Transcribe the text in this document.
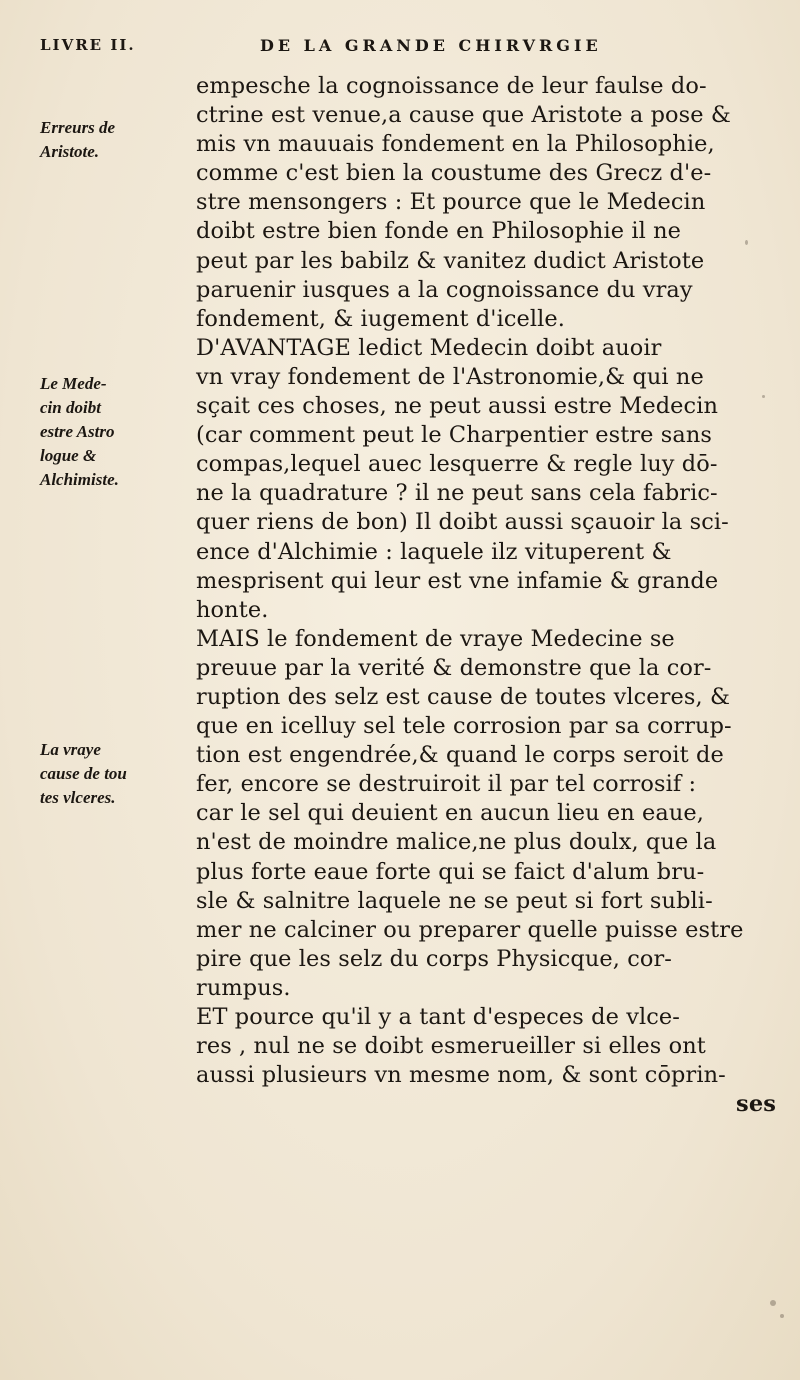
LIVRE II.	DE LA GRANDE CHIRVRGIE
Erreurs de
Aristote.
Le Mede-
cin doibt
estre Astro
logue &
Alchimiste.
La vraye
cause de tou
tes vlceres.
empesche la cognoissance de leur faulse do-
ctrine est venue,a cause que Aristote a pose &
mis vn mauuais fondement en la Philosophie,
comme c'est bien la coustume des Grecz d'e-
stre mensongers : Et pource que le Medecin
doibt estre bien fonde en Philosophie il ne
peut par les babilz & vanitez dudict Aristote
paruenir iusques a la cognoissance du vray
fondement, & iugement d'icelle.
D'AVANTAGE ledict Medecin doibt auoir
vn vray fondement de l'Astronomie,& qui ne
sçait ces choses, ne peut aussi estre Medecin
(car comment peut le Charpentier estre sans
compas,lequel auec lesquerre & regle luy dō-
ne la quadrature ? il ne peut sans cela fabric-
quer riens de bon) Il doibt aussi sçauoir la sci-
ence d'Alchimie : laquele ilz vituperent &
mesprisent qui leur est vne infamie & grande
honte.
MAIS le fondement de vraye Medecine se
preuue par la verité & demonstre que la cor-
ruption des selz est cause de toutes vlceres, &
que en icelluy sel tele corrosion par sa corrup-
tion est engendrée,& quand le corps seroit de
fer, encore se destruiroit il par tel corrosif :
car le sel qui deuient en aucun lieu en eaue,
n'est de moindre malice,ne plus doulx, que la
plus forte eaue forte qui se faict d'alum bru-
sle & salnitre laquele ne se peut si fort subli-
mer ne calciner ou preparer quelle puisse estre
pire que les selz du corps Physicque, cor-
rumpus.
ET pource qu'il y a tant d'especes de vlce-
res , nul ne se doibt esmerueiller si elles ont
aussi plusieurs vn mesme nom, & sont cōprin-
ses
